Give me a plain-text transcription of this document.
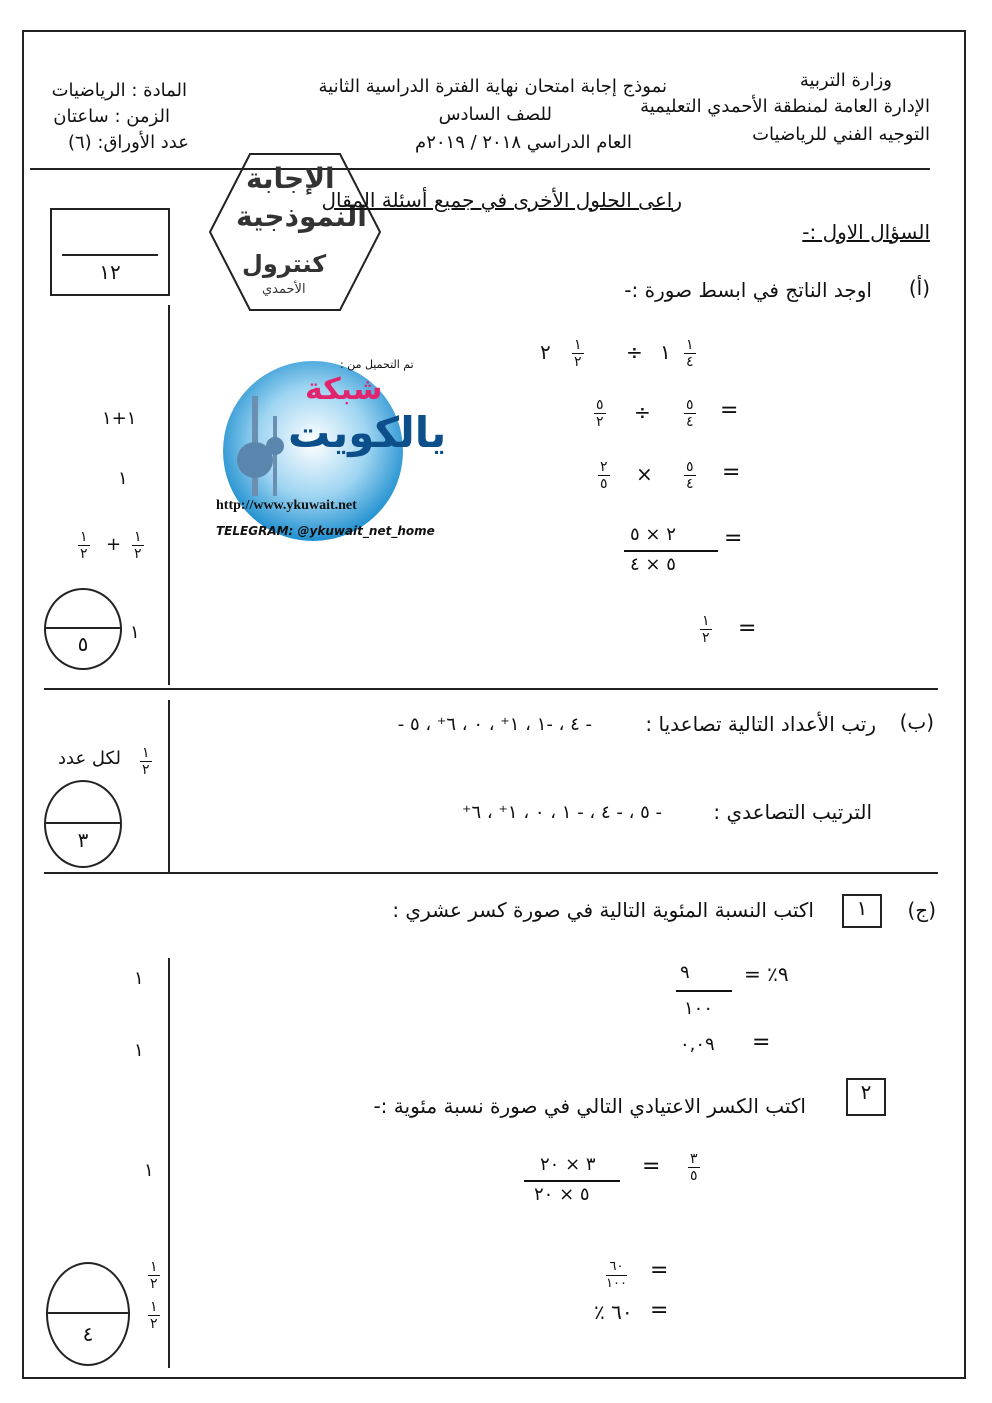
وزارة التربية
الإدارة العامة لمنطقة الأحمدي التعليمية
التوجيه الفني للرياضيات
نموذج إجابة امتحان نهاية الفترة الدراسية الثانية
للصف السادس
العام الدراسي ٢٠١٨ / ٢٠١٩م
المادة : الرياضيات
الزمن : ساعتان
عدد الأوراق: (٦)
الإجابة
النموذجية
كنترول
الأحمدي
راعى الحلول الأخرى في جميع أسئلة المقال
السؤال الاول :-
١٢
(أ)
اوجد الناتج في ابسط صورة :-
تم التحميل من :
شبكة
يالكويت
http://www.ykuwait.net
TELEGRAM: @ykuwait_net_home
٢ ١
٢ ÷ ١ ١
٤
٥
٢ ÷	٥
٤ =
٢
٥ × ٥
٤ =
٢ × ٥
٥ × ٤
=
١
٢ =
١+١
١
١
٢ + ١
٢
١
٥
(ب)
رتب الأعداد التالية تصاعديا :
- ٤ ، -١ ، ١⁺ ، ٠ ، ٦⁺ ، ٥ -
الترتيب التصاعدي :
- ٥ ، - ٤ ، - ١ ، ٠ ، ١⁺ ، ٦⁺
١
٢
لكل عدد
٣
(ج)
١
اكتب النسبة المئوية التالية في صورة كسر عشري :
٩
١٠٠
٩٪ =
٠,٠٩ =
٢
اكتب الكسر الاعتيادي التالي في صورة نسبة مئوية :-
٣
٥
=
٣ × ٢٠
٥ × ٢٠
٦٠
١٠٠
=
٦٠ ٪ =
١
١
١
١
٢
١
٢
٤
